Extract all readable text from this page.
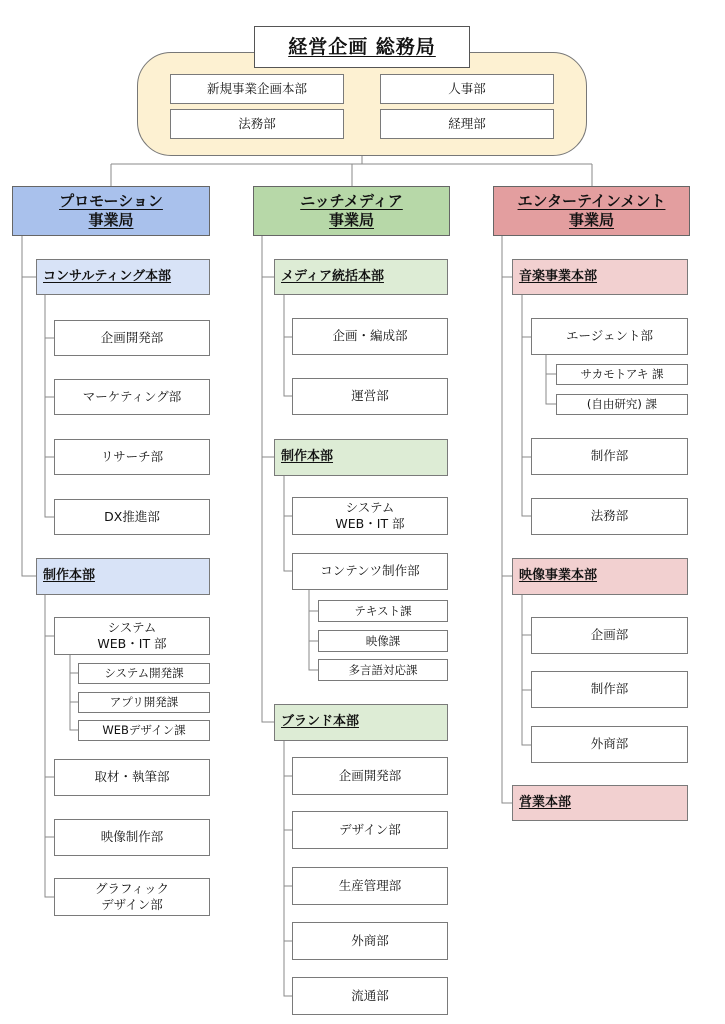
経営企画 総務局
新規事業企画本部	人事部
法務部	経理部
プロモーション
事業局
コンサルティング本部
企画開発部
マーケティング部
リサーチ部
DX推進部
制作本部
システム
WEB・IT 部
システム開発課
アプリ開発課
WEBデザイン課
取材・執筆部
映像制作部
グラフィック
デザイン部
ニッチメディア
事業局
メディア統括本部
企画・編成部
運営部
制作本部
システム
WEB・IT 部
コンテンツ制作部
テキスト課
映像課
多言語対応課
ブランド本部
企画開発部
デザイン部
生産管理部
外商部
流通部
エンターテインメント
事業局
音楽事業本部
エージェント部
サカモトアキ 課
(自由研究) 課
制作部
法務部
映像事業本部
企画部
制作部
外商部
営業本部
